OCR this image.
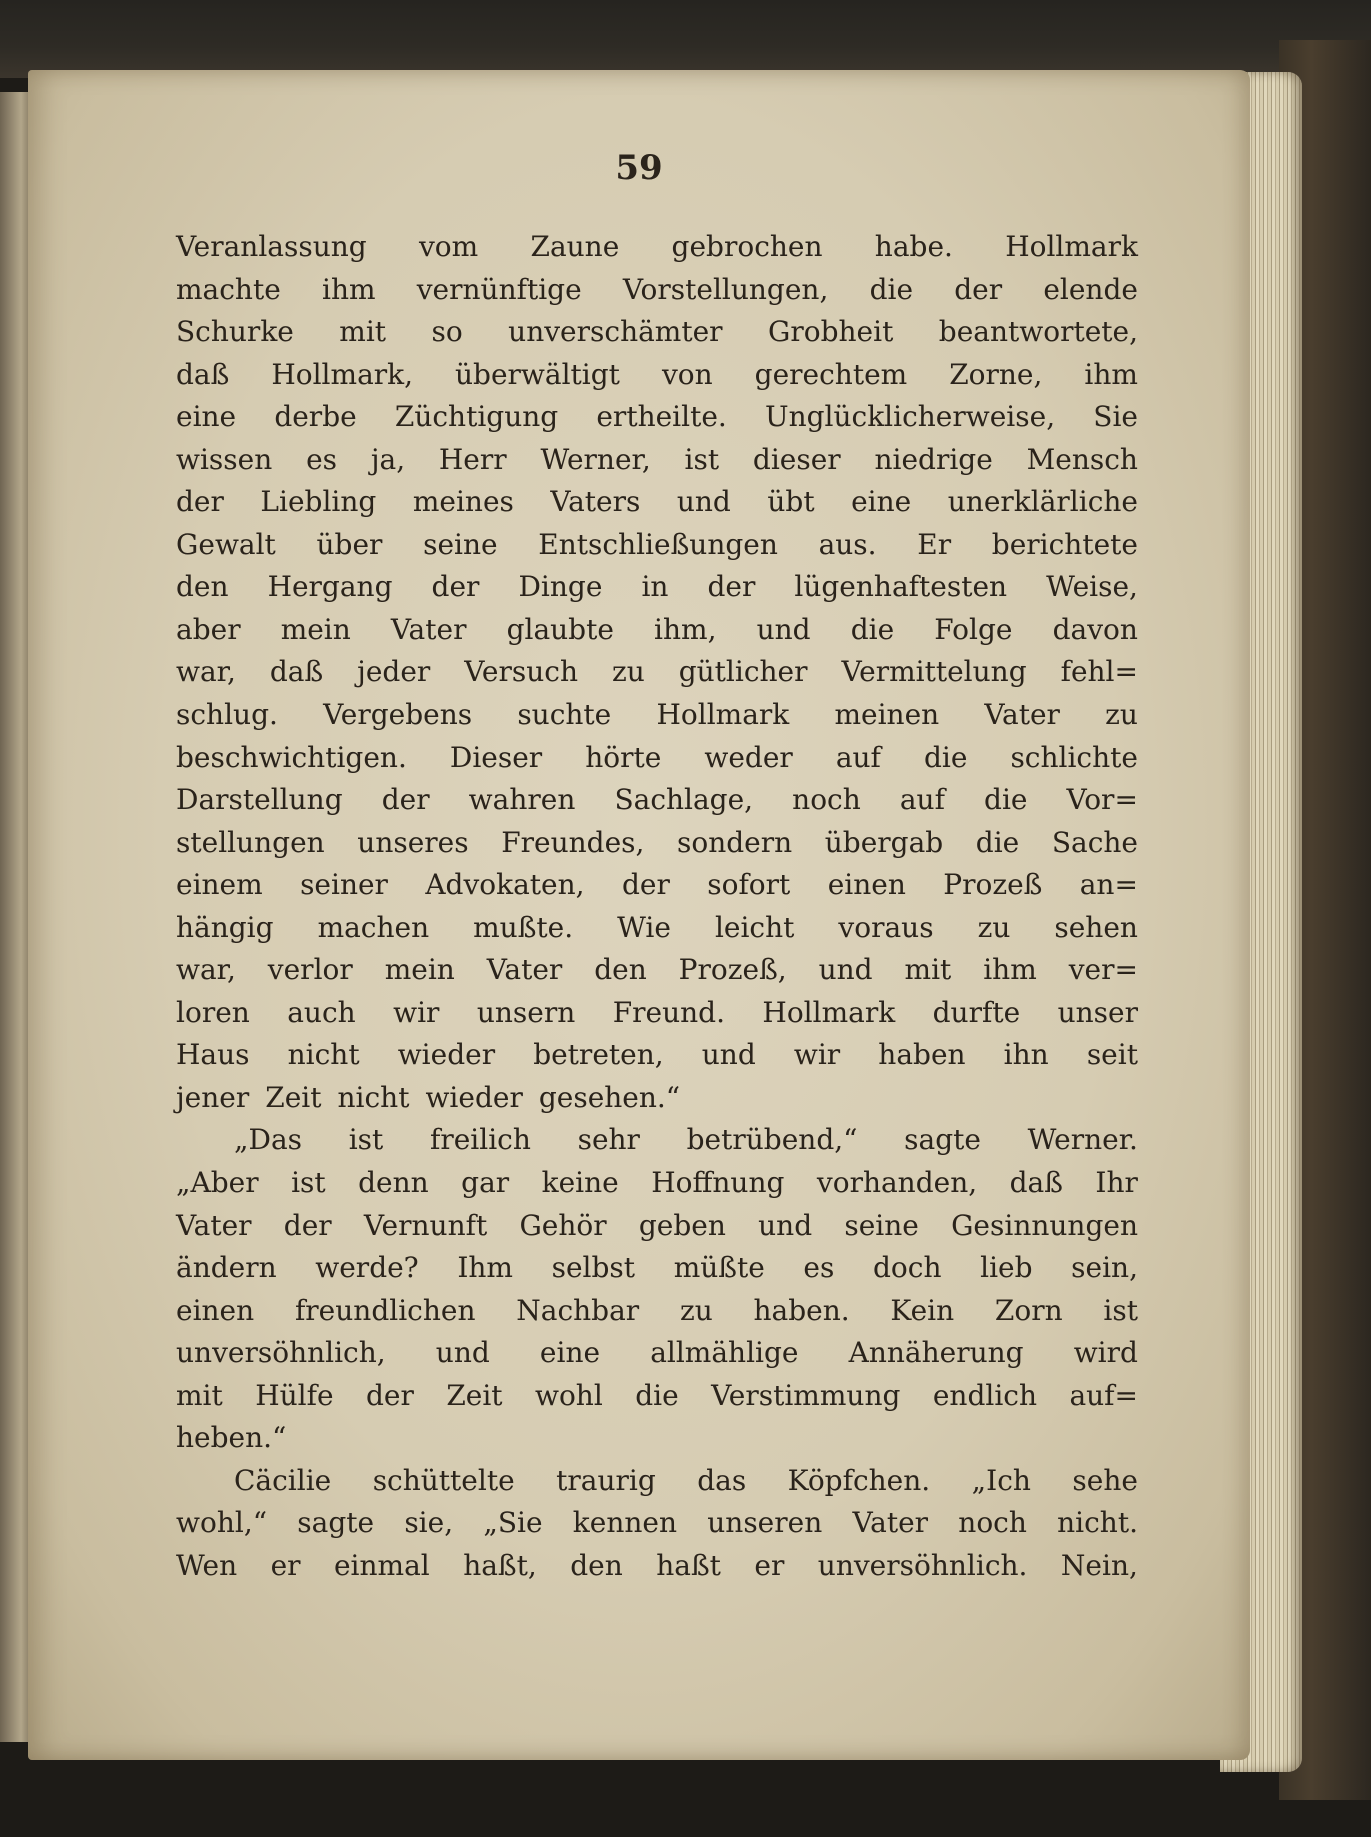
59
Veranlassung vom Zaune gebrochen habe. Hollmark
machte ihm vernünftige Vorstellungen, die der elende
Schurke mit so unverschämter Grobheit beantwortete,
daß Hollmark, überwältigt von gerechtem Zorne, ihm
eine derbe Züchtigung ertheilte. Unglücklicherweise, Sie
wissen es ja, Herr Werner, ist dieser niedrige Mensch
der Liebling meines Vaters und übt eine unerklärliche
Gewalt über seine Entschließungen aus. Er berichtete
den Hergang der Dinge in der lügenhaftesten Weise,
aber mein Vater glaubte ihm, und die Folge davon
war, daß jeder Versuch zu gütlicher Vermittelung fehl=
schlug. Vergebens suchte Hollmark meinen Vater zu
beschwichtigen. Dieser hörte weder auf die schlichte
Darstellung der wahren Sachlage, noch auf die Vor=
stellungen unseres Freundes, sondern übergab die Sache
einem seiner Advokaten, der sofort einen Prozeß an=
hängig machen mußte. Wie leicht voraus zu sehen
war, verlor mein Vater den Prozeß, und mit ihm ver=
loren auch wir unsern Freund. Hollmark durfte unser
Haus nicht wieder betreten, und wir haben ihn seit
jener Zeit nicht wieder gesehen.“
„Das ist freilich sehr betrübend,“ sagte Werner.
„Aber ist denn gar keine Hoffnung vorhanden, daß Ihr
Vater der Vernunft Gehör geben und seine Gesinnungen
ändern werde? Ihm selbst müßte es doch lieb sein,
einen freundlichen Nachbar zu haben. Kein Zorn ist
unversöhnlich, und eine allmählige Annäherung wird
mit Hülfe der Zeit wohl die Verstimmung endlich auf=
heben.“
Cäcilie schüttelte traurig das Köpfchen. „Ich sehe
wohl,“ sagte sie, „Sie kennen unseren Vater noch nicht.
Wen er einmal haßt, den haßt er unversöhnlich. Nein,
